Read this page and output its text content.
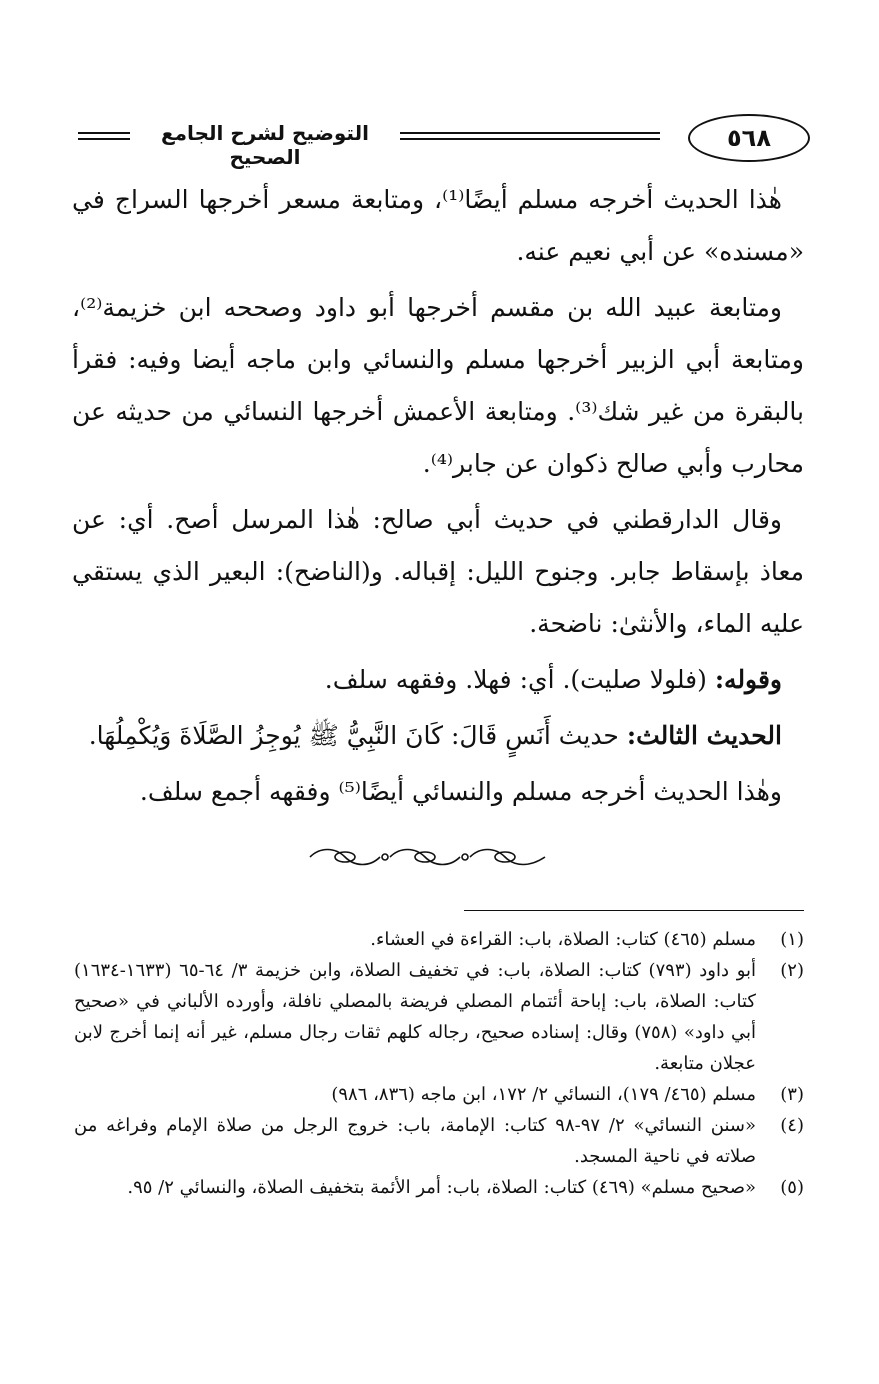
٥٦٨
التوضيح لشرح الجامع الصحيح

هٰذا الحديث أخرجه مسلم أيضًا⁽¹⁾، ومتابعة مسعر أخرجها السراج في «مسنده» عن أبي نعيم عنه.

ومتابعة عبيد الله بن مقسم أخرجها أبو داود وصححه ابن خزيمة⁽²⁾، ومتابعة أبي الزبير أخرجها مسلم والنسائي وابن ماجه أيضا وفيه: فقرأ بالبقرة من غير شك⁽³⁾. ومتابعة الأعمش أخرجها النسائي من حديثه عن محارب وأبي صالح ذكوان عن جابر⁽⁴⁾.

وقال الدارقطني في حديث أبي صالح: هٰذا المرسل أصح. أي: عن معاذ بإسقاط جابر. وجنوح الليل: إقباله. و(الناضح): البعير الذي يستقي عليه الماء، والأنثىٰ: ناضحة.

وقوله: (فلولا صليت). أي: فهلا. وفقهه سلف.

الحديث الثالث: حديث أَنَسٍ قَالَ: كَانَ النَّبِيُّ ﷺ يُوجِزُ الصَّلَاةَ وَيُكْمِلُهَا.

وهٰذا الحديث أخرجه مسلم والنسائي أيضًا⁽⁵⁾ وفقهه أجمع سلف.

(١)
مسلم (٤٦٥) كتاب: الصلاة، باب: القراءة في العشاء.
(٢)
أبو داود (٧٩٣) كتاب: الصلاة، باب: في تخفيف الصلاة، وابن خزيمة ٣/ ٦٤-٦٥ (١٦٣٣-١٦٣٤) كتاب: الصلاة، باب: إباحة أئتمام المصلي فريضة بالمصلي نافلة، وأورده الألباني في «صحيح أبي داود» (٧٥٨) وقال: إسناده صحيح، رجاله كلهم ثقات رجال مسلم، غير أنه إنما أخرج لابن عجلان متابعة.
(٣)
مسلم (٤٦٥/ ١٧٩)، النسائي ٢/ ١٧٢، ابن ماجه (٨٣٦، ٩٨٦)
(٤)
«سنن النسائي» ٢/ ٩٧-٩٨ كتاب: الإمامة، باب: خروج الرجل من صلاة الإمام وفراغه من صلاته في ناحية المسجد.
(٥)
«صحيح مسلم» (٤٦٩) كتاب: الصلاة، باب: أمر الأئمة بتخفيف الصلاة، والنسائي ٢/ ٩٥.
